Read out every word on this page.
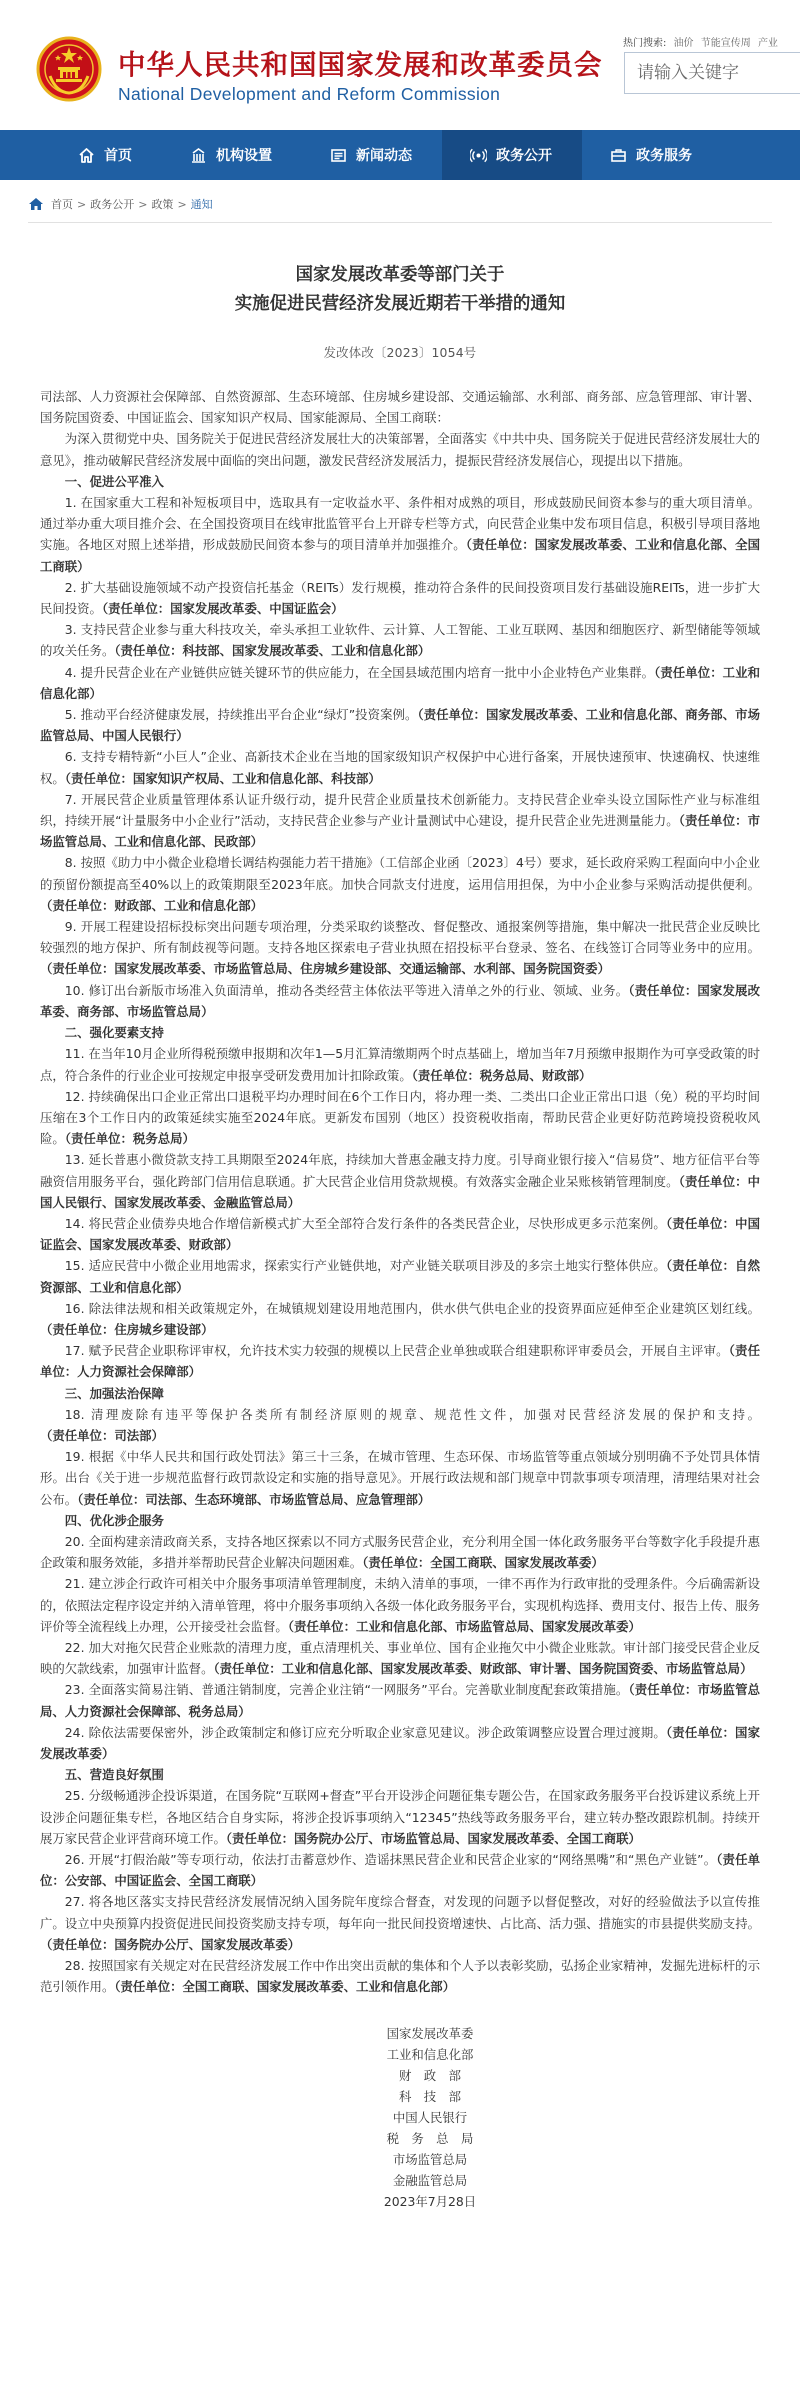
中华人民共和国国家发展和改革委员会
National Development and Reform Commission
热门搜索: 油价 节能宣传周 产业
请输入关键字
首页	机构设置	新闻动态	政务公开	政务服务
首页 > 政务公开 > 政策 > 通知
国家发展改革委等部门关于
实施促进民营经济发展近期若干举措的通知
发改体改〔2023〕1054号

司法部、人力资源社会保障部、自然资源部、生态环境部、住房城乡建设部、交通运输部、水利部、商务部、应急管理部、审计署、国务院国资委、中国证监会、国家知识产权局、国家能源局、全国工商联：

为深入贯彻党中央、国务院关于促进民营经济发展壮大的决策部署，全面落实《中共中央、国务院关于促进民营经济发展壮大的意见》，推动破解民营经济发展中面临的突出问题，激发民营经济发展活力，提振民营经济发展信心，现提出以下措施。

一、促进公平准入

1. 在国家重大工程和补短板项目中，选取具有一定收益水平、条件相对成熟的项目，形成鼓励民间资本参与的重大项目清单。通过举办重大项目推介会、在全国投资项目在线审批监管平台上开辟专栏等方式，向民营企业集中发布项目信息，积极引导项目落地实施。各地区对照上述举措，形成鼓励民间资本参与的项目清单并加强推介。（责任单位：国家发展改革委、工业和信息化部、全国工商联）

2. 扩大基础设施领域不动产投资信托基金（REITs）发行规模，推动符合条件的民间投资项目发行基础设施REITs，进一步扩大民间投资。（责任单位：国家发展改革委、中国证监会）

3. 支持民营企业参与重大科技攻关，牵头承担工业软件、云计算、人工智能、工业互联网、基因和细胞医疗、新型储能等领域的攻关任务。（责任单位：科技部、国家发展改革委、工业和信息化部）

4. 提升民营企业在产业链供应链关键环节的供应能力，在全国县域范围内培育一批中小企业特色产业集群。（责任单位：工业和信息化部）

5. 推动平台经济健康发展，持续推出平台企业“绿灯”投资案例。（责任单位：国家发展改革委、工业和信息化部、商务部、市场监管总局、中国人民银行）

6. 支持专精特新“小巨人”企业、高新技术企业在当地的国家级知识产权保护中心进行备案，开展快速预审、快速确权、快速维权。（责任单位：国家知识产权局、工业和信息化部、科技部）

7. 开展民营企业质量管理体系认证升级行动，提升民营企业质量技术创新能力。支持民营企业牵头设立国际性产业与标准组织，持续开展“计量服务中小企业行”活动，支持民营企业参与产业计量测试中心建设，提升民营企业先进测量能力。（责任单位：市场监管总局、工业和信息化部、民政部）

8. 按照《助力中小微企业稳增长调结构强能力若干措施》（工信部企业函〔2023〕4号）要求，延长政府采购工程面向中小企业的预留份额提高至40%以上的政策期限至2023年底。加快合同款支付进度，运用信用担保，为中小企业参与采购活动提供便利。（责任单位：财政部、工业和信息化部）

9. 开展工程建设招标投标突出问题专项治理，分类采取约谈整改、督促整改、通报案例等措施，集中解决一批民营企业反映比较强烈的地方保护、所有制歧视等问题。支持各地区探索电子营业执照在招投标平台登录、签名、在线签订合同等业务中的应用。（责任单位：国家发展改革委、市场监管总局、住房城乡建设部、交通运输部、水利部、国务院国资委）

10. 修订出台新版市场准入负面清单，推动各类经营主体依法平等进入清单之外的行业、领域、业务。（责任单位：国家发展改革委、商务部、市场监管总局）

二、强化要素支持

11. 在当年10月企业所得税预缴申报期和次年1—5月汇算清缴期两个时点基础上，增加当年7月预缴申报期作为可享受政策的时点，符合条件的行业企业可按规定申报享受研发费用加计扣除政策。（责任单位：税务总局、财政部）

12. 持续确保出口企业正常出口退税平均办理时间在6个工作日内，将办理一类、二类出口企业正常出口退（免）税的平均时间压缩在3个工作日内的政策延续实施至2024年底。更新发布国别（地区）投资税收指南，帮助民营企业更好防范跨境投资税收风险。（责任单位：税务总局）

13. 延长普惠小微贷款支持工具期限至2024年底，持续加大普惠金融支持力度。引导商业银行接入“信易贷”、地方征信平台等融资信用服务平台，强化跨部门信用信息联通。扩大民营企业信用贷款规模。有效落实金融企业呆账核销管理制度。（责任单位：中国人民银行、国家发展改革委、金融监管总局）

14. 将民营企业债券央地合作增信新模式扩大至全部符合发行条件的各类民营企业，尽快形成更多示范案例。（责任单位：中国证监会、国家发展改革委、财政部）

15. 适应民营中小微企业用地需求，探索实行产业链供地，对产业链关联项目涉及的多宗土地实行整体供应。（责任单位：自然资源部、工业和信息化部）

16. 除法律法规和相关政策规定外，在城镇规划建设用地范围内，供水供气供电企业的投资界面应延伸至企业建筑区划红线。（责任单位：住房城乡建设部）

17. 赋予民营企业职称评审权，允许技术实力较强的规模以上民营企业单独或联合组建职称评审委员会，开展自主评审。（责任单位：人力资源社会保障部）

三、加强法治保障

18. 清理废除有违平等保护各类所有制经济原则的规章、规范性文件，加强对民营经济发展的保护和支持。（责任单位：司法部）

19. 根据《中华人民共和国行政处罚法》第三十三条，在城市管理、生态环保、市场监管等重点领域分别明确不予处罚具体情形。出台《关于进一步规范监督行政罚款设定和实施的指导意见》。开展行政法规和部门规章中罚款事项专项清理，清理结果对社会公布。（责任单位：司法部、生态环境部、市场监管总局、应急管理部）

四、优化涉企服务

20. 全面构建亲清政商关系，支持各地区探索以不同方式服务民营企业，充分利用全国一体化政务服务平台等数字化手段提升惠企政策和服务效能，多措并举帮助民营企业解决问题困难。（责任单位：全国工商联、国家发展改革委）

21. 建立涉企行政许可相关中介服务事项清单管理制度，未纳入清单的事项，一律不再作为行政审批的受理条件。今后确需新设的，依照法定程序设定并纳入清单管理，将中介服务事项纳入各级一体化政务服务平台，实现机构选择、费用支付、报告上传、服务评价等全流程线上办理，公开接受社会监督。（责任单位：工业和信息化部、市场监管总局、国家发展改革委）

22. 加大对拖欠民营企业账款的清理力度，重点清理机关、事业单位、国有企业拖欠中小微企业账款。审计部门接受民营企业反映的欠款线索，加强审计监督。（责任单位：工业和信息化部、国家发展改革委、财政部、审计署、国务院国资委、市场监管总局）

23. 全面落实简易注销、普通注销制度，完善企业注销“一网服务”平台。完善歇业制度配套政策措施。（责任单位：市场监管总局、人力资源社会保障部、税务总局）

24. 除依法需要保密外，涉企政策制定和修订应充分听取企业家意见建议。涉企政策调整应设置合理过渡期。（责任单位：国家发展改革委）

五、营造良好氛围

25. 分级畅通涉企投诉渠道，在国务院“互联网+督查”平台开设涉企问题征集专题公告，在国家政务服务平台投诉建议系统上开设涉企问题征集专栏，各地区结合自身实际，将涉企投诉事项纳入“12345”热线等政务服务平台，建立转办整改跟踪机制。持续开展万家民营企业评营商环境工作。（责任单位：国务院办公厅、市场监管总局、国家发展改革委、全国工商联）

26. 开展“打假治敲”等专项行动，依法打击蓄意炒作、造谣抹黑民营企业和民营企业家的“网络黑嘴”和“黑色产业链”。（责任单位：公安部、中国证监会、全国工商联）

27. 将各地区落实支持民营经济发展情况纳入国务院年度综合督查，对发现的问题予以督促整改，对好的经验做法予以宣传推广。设立中央预算内投资促进民间投资奖励支持专项，每年向一批民间投资增速快、占比高、活力强、措施实的市县提供奖励支持。（责任单位：国务院办公厅、国家发展改革委）

28. 按照国家有关规定对在民营经济发展工作中作出突出贡献的集体和个人予以表彰奖励，弘扬企业家精神，发掘先进标杆的示范引领作用。（责任单位：全国工商联、国家发展改革委、工业和信息化部）

国家发展改革委
工业和信息化部
财　政　部
科　技　部
中国人民银行
税　务　总　局
市场监管总局
金融监管总局
2023年7月28日
